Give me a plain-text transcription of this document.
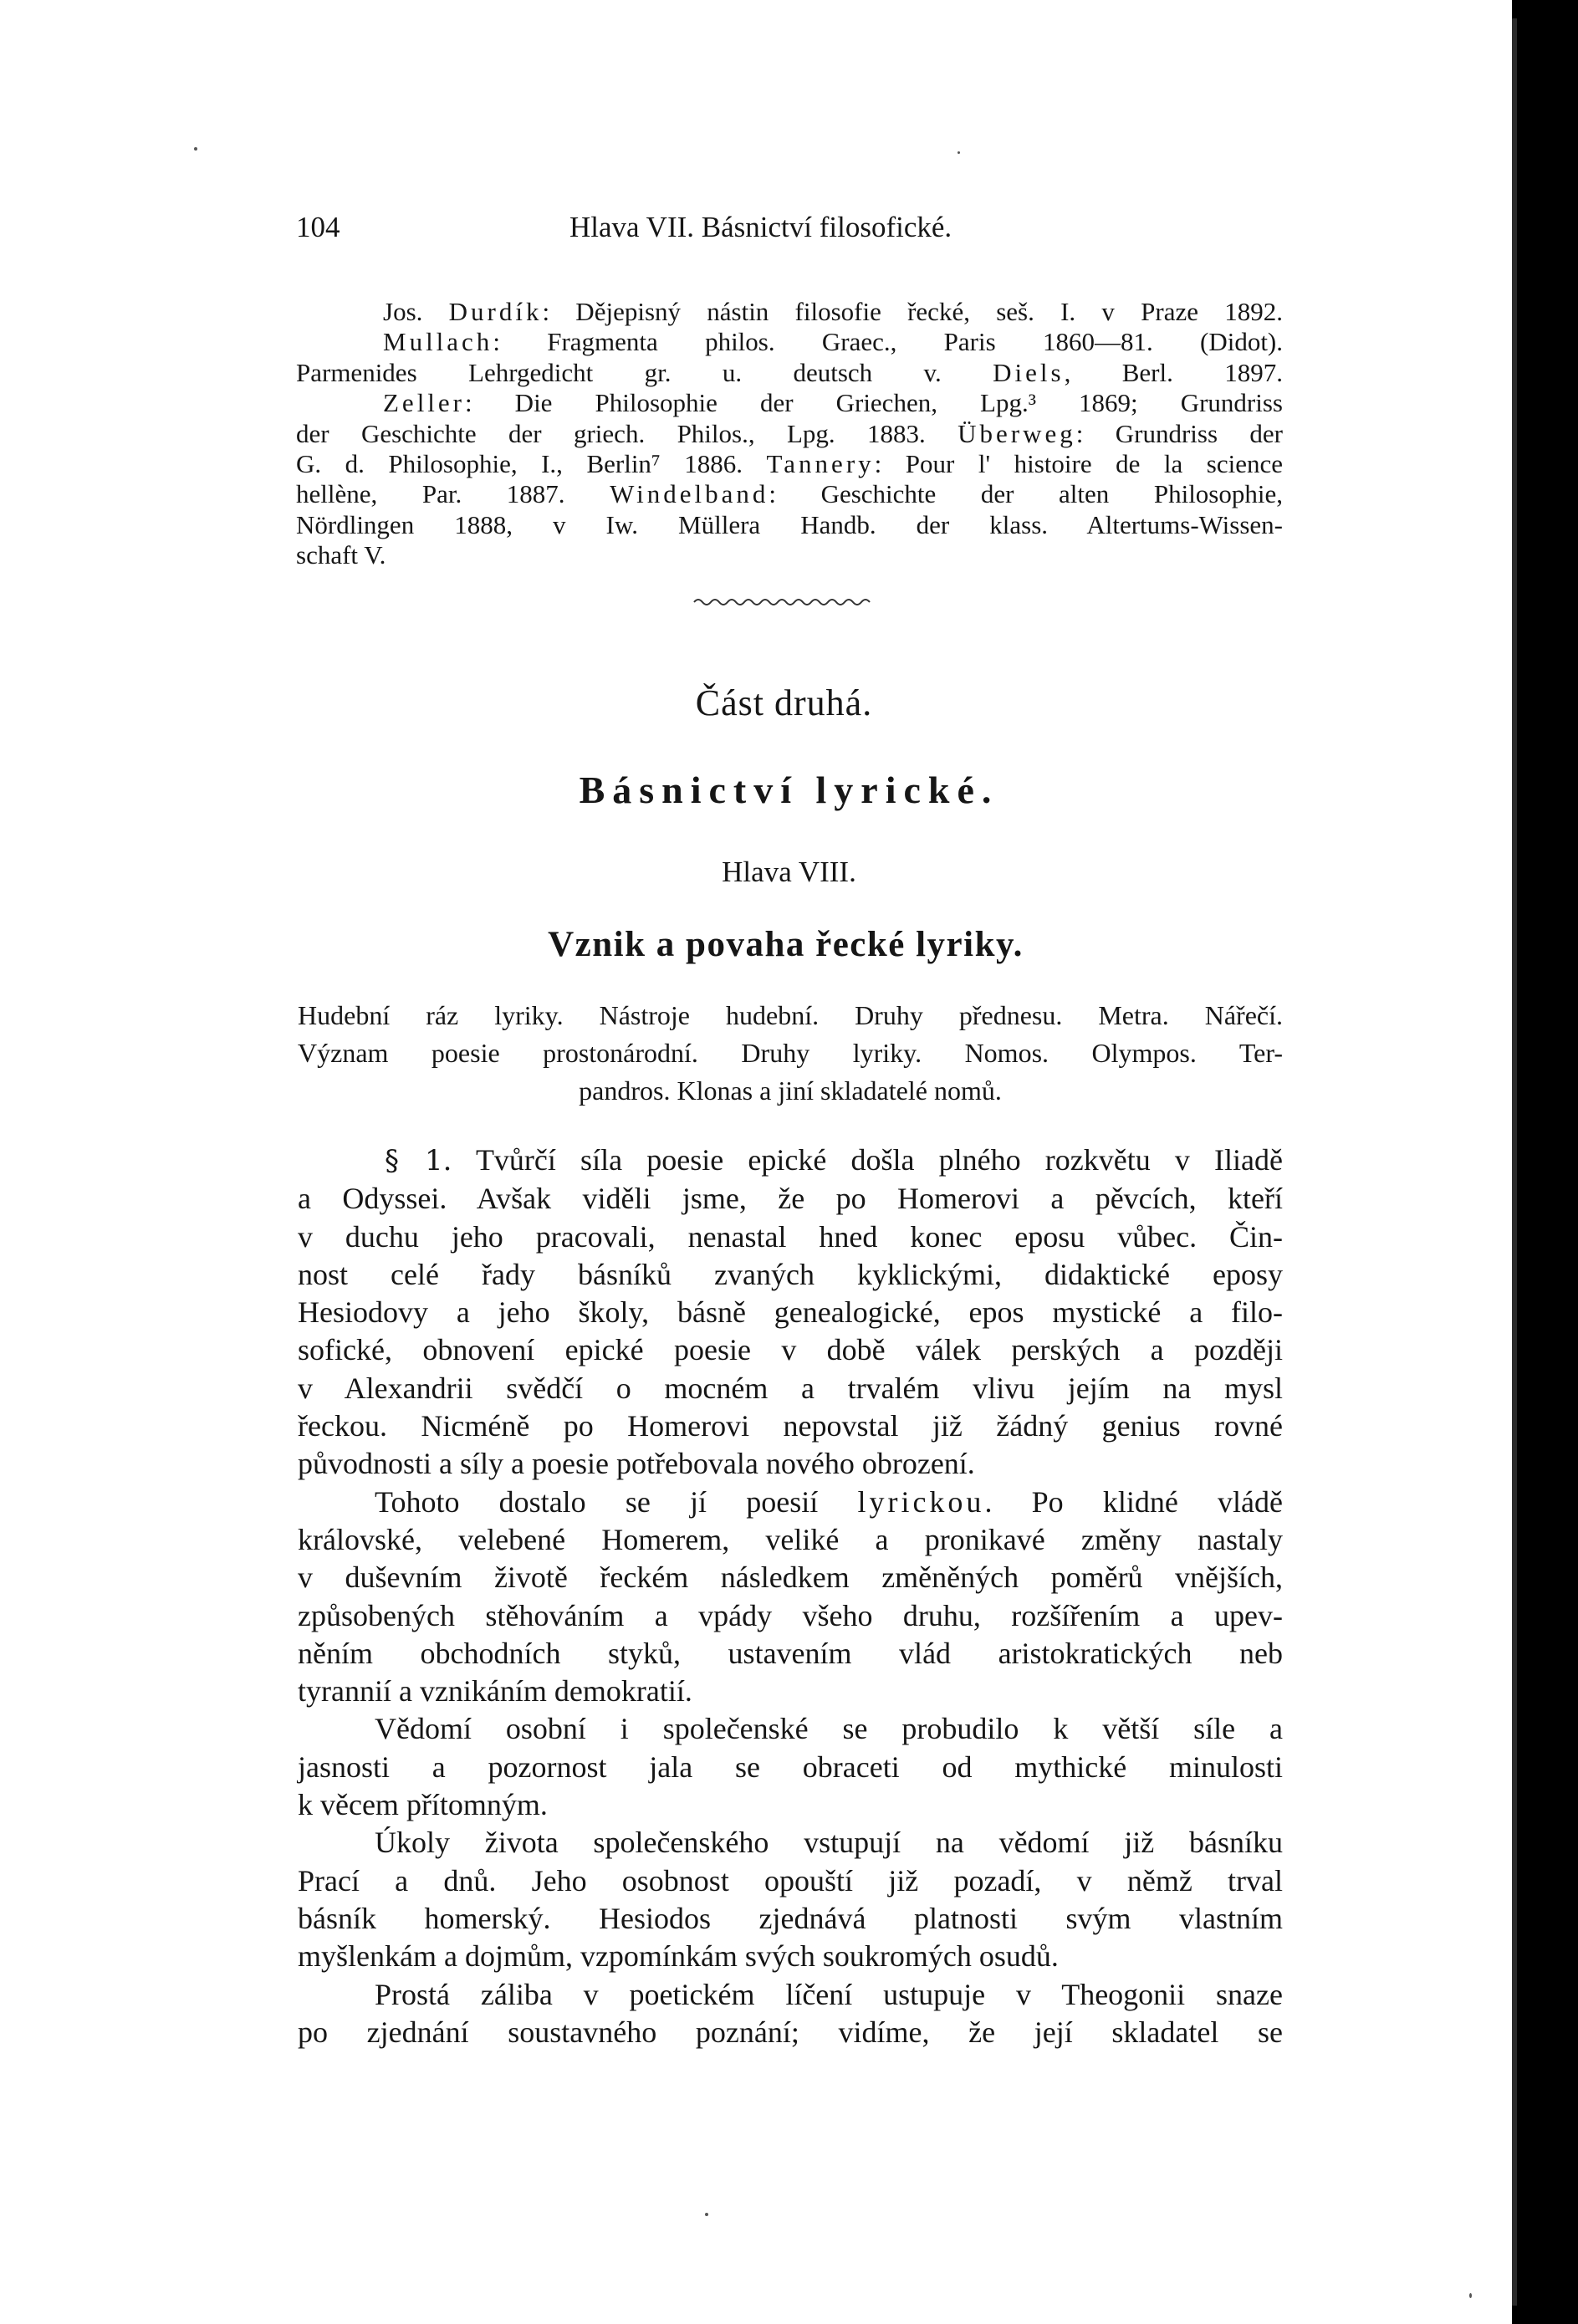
104	Hlava VII. Básnictví filosofické.
Jos. Durdík: Dějepisný nástin filosofie řecké, seš. I. v Praze 1892.
Mullach: Fragmenta philos. Graec., Paris 1860—81. (Didot).
Parmenides Lehrgedicht gr. u. deutsch v. Diels, Berl. 1897.
Zeller: Die Philosophie der Griechen, Lpg.³ 1869; Grundriss
der Geschichte der griech. Philos., Lpg. 1883. Überweg: Grundriss der
G. d. Philosophie, I., Berlin⁷ 1886. Tannery: Pour l' histoire de la science
hellène, Par. 1887. Windelband: Geschichte der alten Philosophie,
Nördlingen 1888, v Iw. Müllera Handb. der klass. Altertums-Wissen-
schaft V.
Část druhá.
Básnictví lyrické.
Hlava VIII.
Vznik a povaha řecké lyriky.
Hudební ráz lyriky. Nástroje hudební. Druhy přednesu. Metra. Nářečí.
Význam poesie prostonárodní. Druhy lyriky. Nomos. Olympos. Ter-
pandros. Klonas a jiní skladatelé nomů.
§ 1. Tvůrčí síla poesie epické došla plného rozkvětu v Iliadě
a Odyssei. Avšak viděli jsme, že po Homerovi a pěvcích, kteří
v duchu jeho pracovali, nenastal hned konec eposu vůbec. Čin-
nost celé řady básníků zvaných kyklickými, didaktické eposy
Hesiodovy a jeho školy, básně genealogické, epos mystické a filo-
sofické, obnovení epické poesie v době válek perských a později
v Alexandrii svědčí o mocném a trvalém vlivu jejím na mysl
řeckou. Nicméně po Homerovi nepovstal již žádný genius rovné
původnosti a síly a poesie potřebovala nového obrození.
Tohoto dostalo se jí poesií lyrickou. Po klidné vládě
královské, velebené Homerem, veliké a pronikavé změny nastaly
v duševním životě řeckém následkem změněných poměrů vnějších,
způsobených stěhováním a vpády všeho druhu, rozšířením a upev-
něním obchodních styků, ustavením vlád aristokratických neb
tyrannií a vznikáním demokratií.
Vědomí osobní i společenské se probudilo k větší síle a
jasnosti a pozornost jala se obraceti od mythické minulosti
k věcem přítomným.
Úkoly života společenského vstupují na vědomí již básníku
Prací a dnů. Jeho osobnost opouští již pozadí, v němž trval
básník homerský. Hesiodos zjednává platnosti svým vlastním
myšlenkám a dojmům, vzpomínkám svých soukromých osudů.
Prostá záliba v poetickém líčení ustupuje v Theogonii snaze
po zjednání soustavného poznání; vidíme, že její skladatel se
